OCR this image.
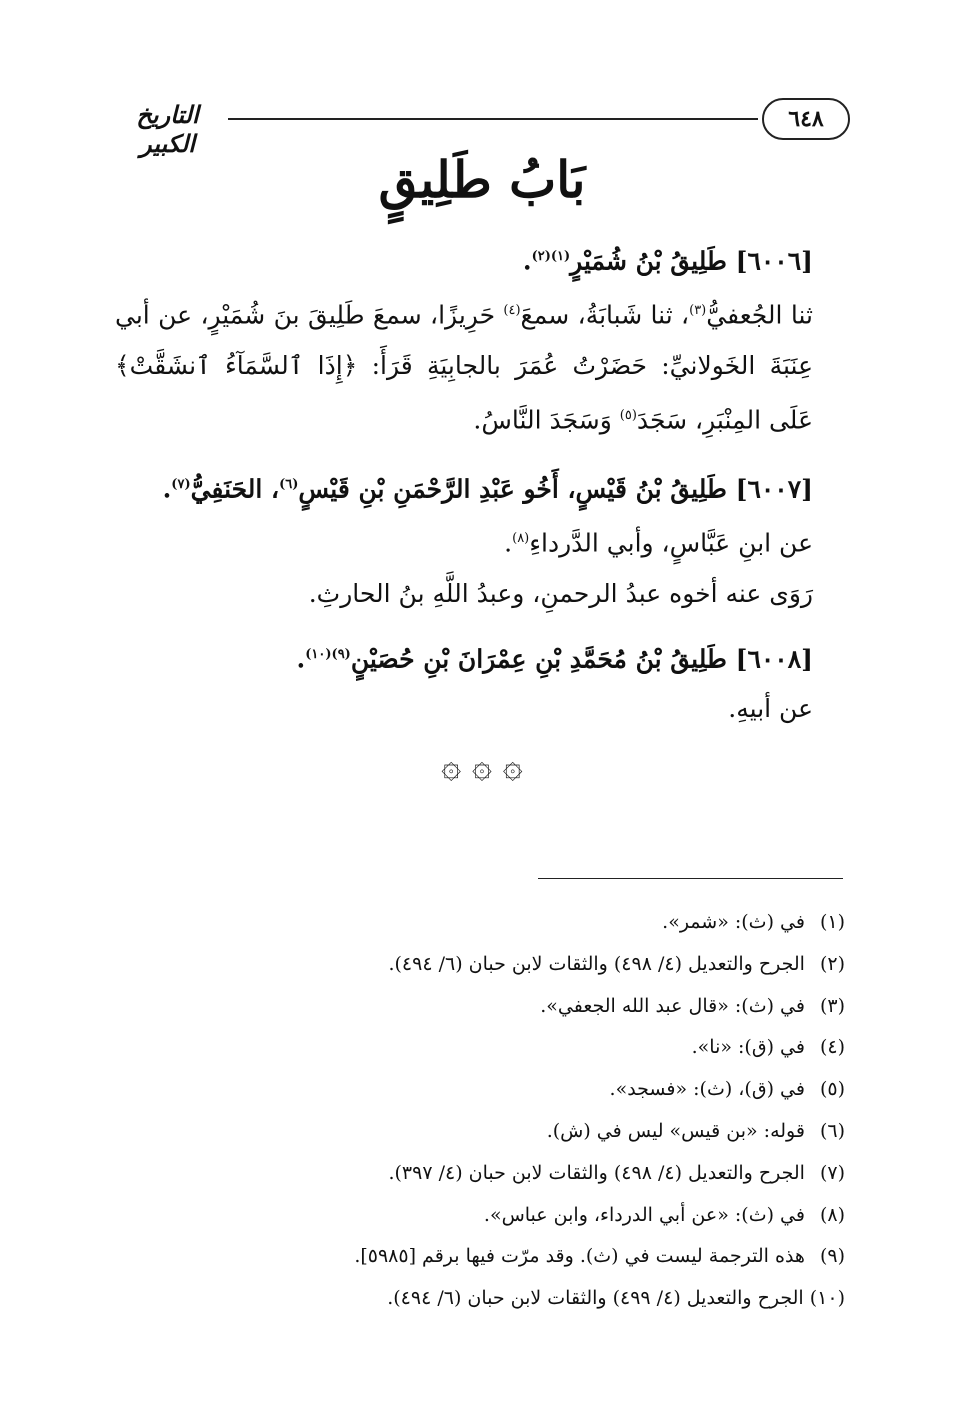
التاريخ الكبير
٦٤٨
بَابُ طَلِيقٍ
[٦٠٠٦] طَلِيقُ بْنُ شُمَيْرٍ$^{(١)(٢)}$.
ثنا الجُعفيُّ$^{(٣)}$، ثنا شَبابَةُ، سمعَ$^{(٤)}$ حَرِيزًا، سمعَ طَلِيقَ بنَ شُمَيْرٍ، عن أبي عِنَبَةَ الخَولانيِّ: حَضَرْتُ عُمَرَ بالجابِيَةِ قَرَأَ: ﴿إِذَا ٱلسَّمَآءُ ٱنشَقَّتْ﴾ عَلَى المِنْبَرِ، سَجَدَ$^{(٥)}$ وَسَجَدَ النَّاسُ.
[٦٠٠٧] طَلِيقُ بْنُ قَيْسٍ، أَخُو عَبْدِ الرَّحْمَنِ بْنِ قَيْسٍ$^{(٦)}$، الحَنَفِيُّ$^{(٧)}$.
عن ابنِ عَبَّاسٍ، وأبي الدَّرداءِ$^{(٨)}$.
رَوَى عنه أخوه عبدُ الرحمنِ، وعبدُ اللَّهِ بنُ الحارثِ.
[٦٠٠٨] طَلِيقُ بْنُ مُحَمَّدِ بْنِ عِمْرَانَ بْنِ حُصَيْنٍ$^{(٩)(١٠)}$.
عن أبيهِ.
۞ ۞ ۞
(١) في (ث): «شمر».
(٢) الجرح والتعديل (٤/ ٤٩٨) والثقات لابن حبان (٦/ ٤٩٤).
(٣) في (ث): «قال عبد الله الجعفي».
(٤) في (ق): «نا».
(٥) في (ق)، (ث): «فسجد».
(٦) قوله: «بن قيس» ليس في (ش).
(٧) الجرح والتعديل (٤/ ٤٩٨) والثقات لابن حبان (٤/ ٣٩٧).
(٨) في (ث): «عن أبي الدرداء، وابن عباس».
(٩) هذه الترجمة ليست في (ث). وقد مرّت فيها برقم [٥٩٨٥].
(١٠) الجرح والتعديل (٤/ ٤٩٩) والثقات لابن حبان (٦/ ٤٩٤).
